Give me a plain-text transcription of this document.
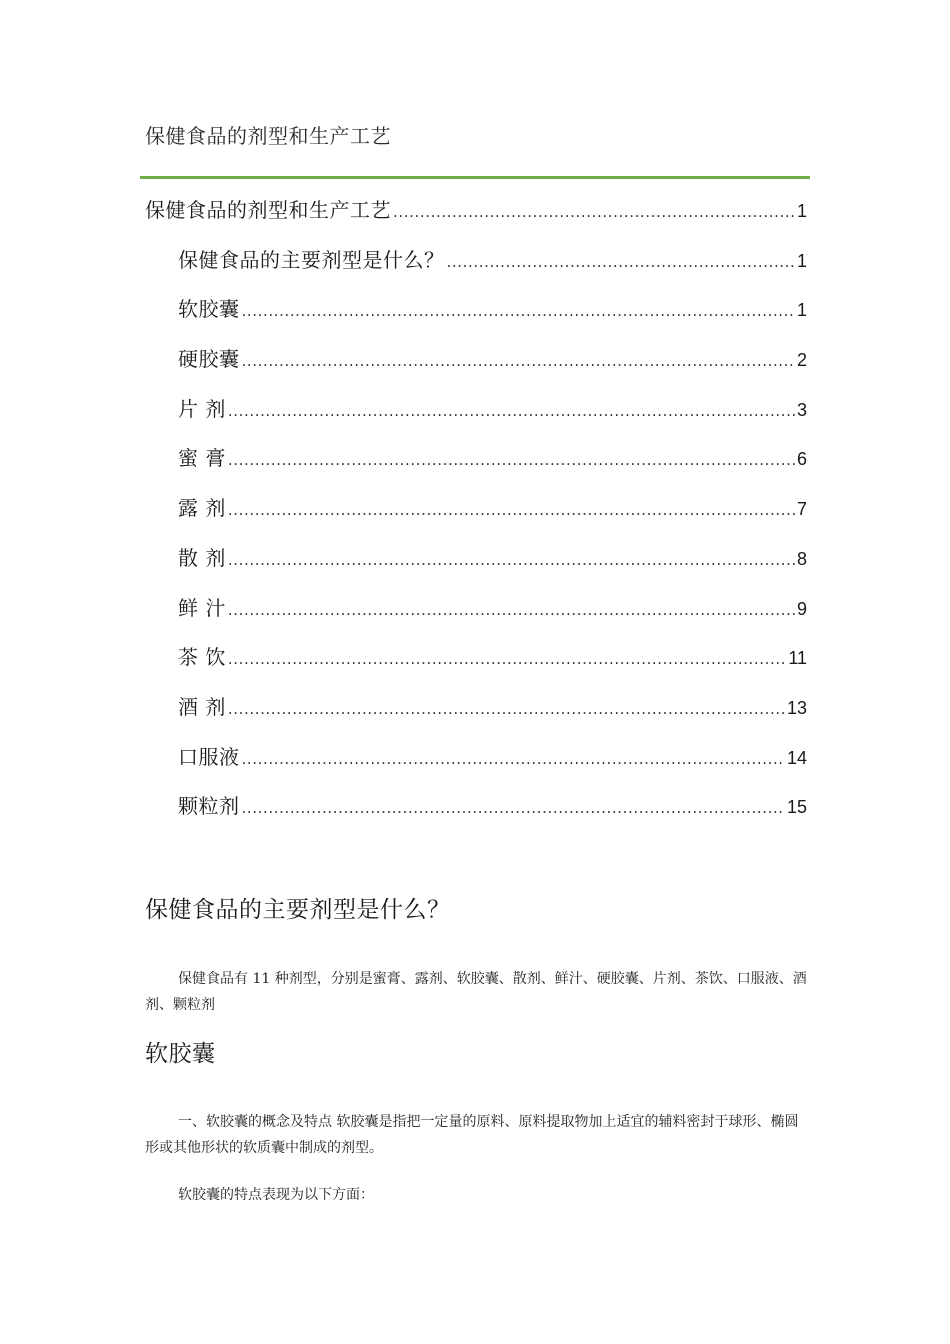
保健食品的剂型和生产工艺
保健食品的剂型和生产工艺 .....	1
保健食品的主要剂型是什么？ .....	1
软胶囊 .....	1
硬胶囊 .....	2
片 剂 .....	3
蜜 膏 .....	6
露 剂 .....	7
散 剂 .....	8
鲜 汁 .....	9
茶 饮 .....	11
酒 剂 .....	13
口服液 .....	14
颗粒剂 .....	15
保健食品的主要剂型是什么？
保健食品有 11 种剂型，分别是蜜膏、露剂、软胶囊、散剂、鲜汁、硬胶囊、片剂、茶饮、口服液、酒剂、颗粒剂
软胶囊
一、软胶囊的概念及特点 软胶囊是指把一定量的原料、原料提取物加上适宜的辅料密封于球形、椭圆形或其他形状的软质囊中制成的剂型。
软胶囊的特点表现为以下方面：
